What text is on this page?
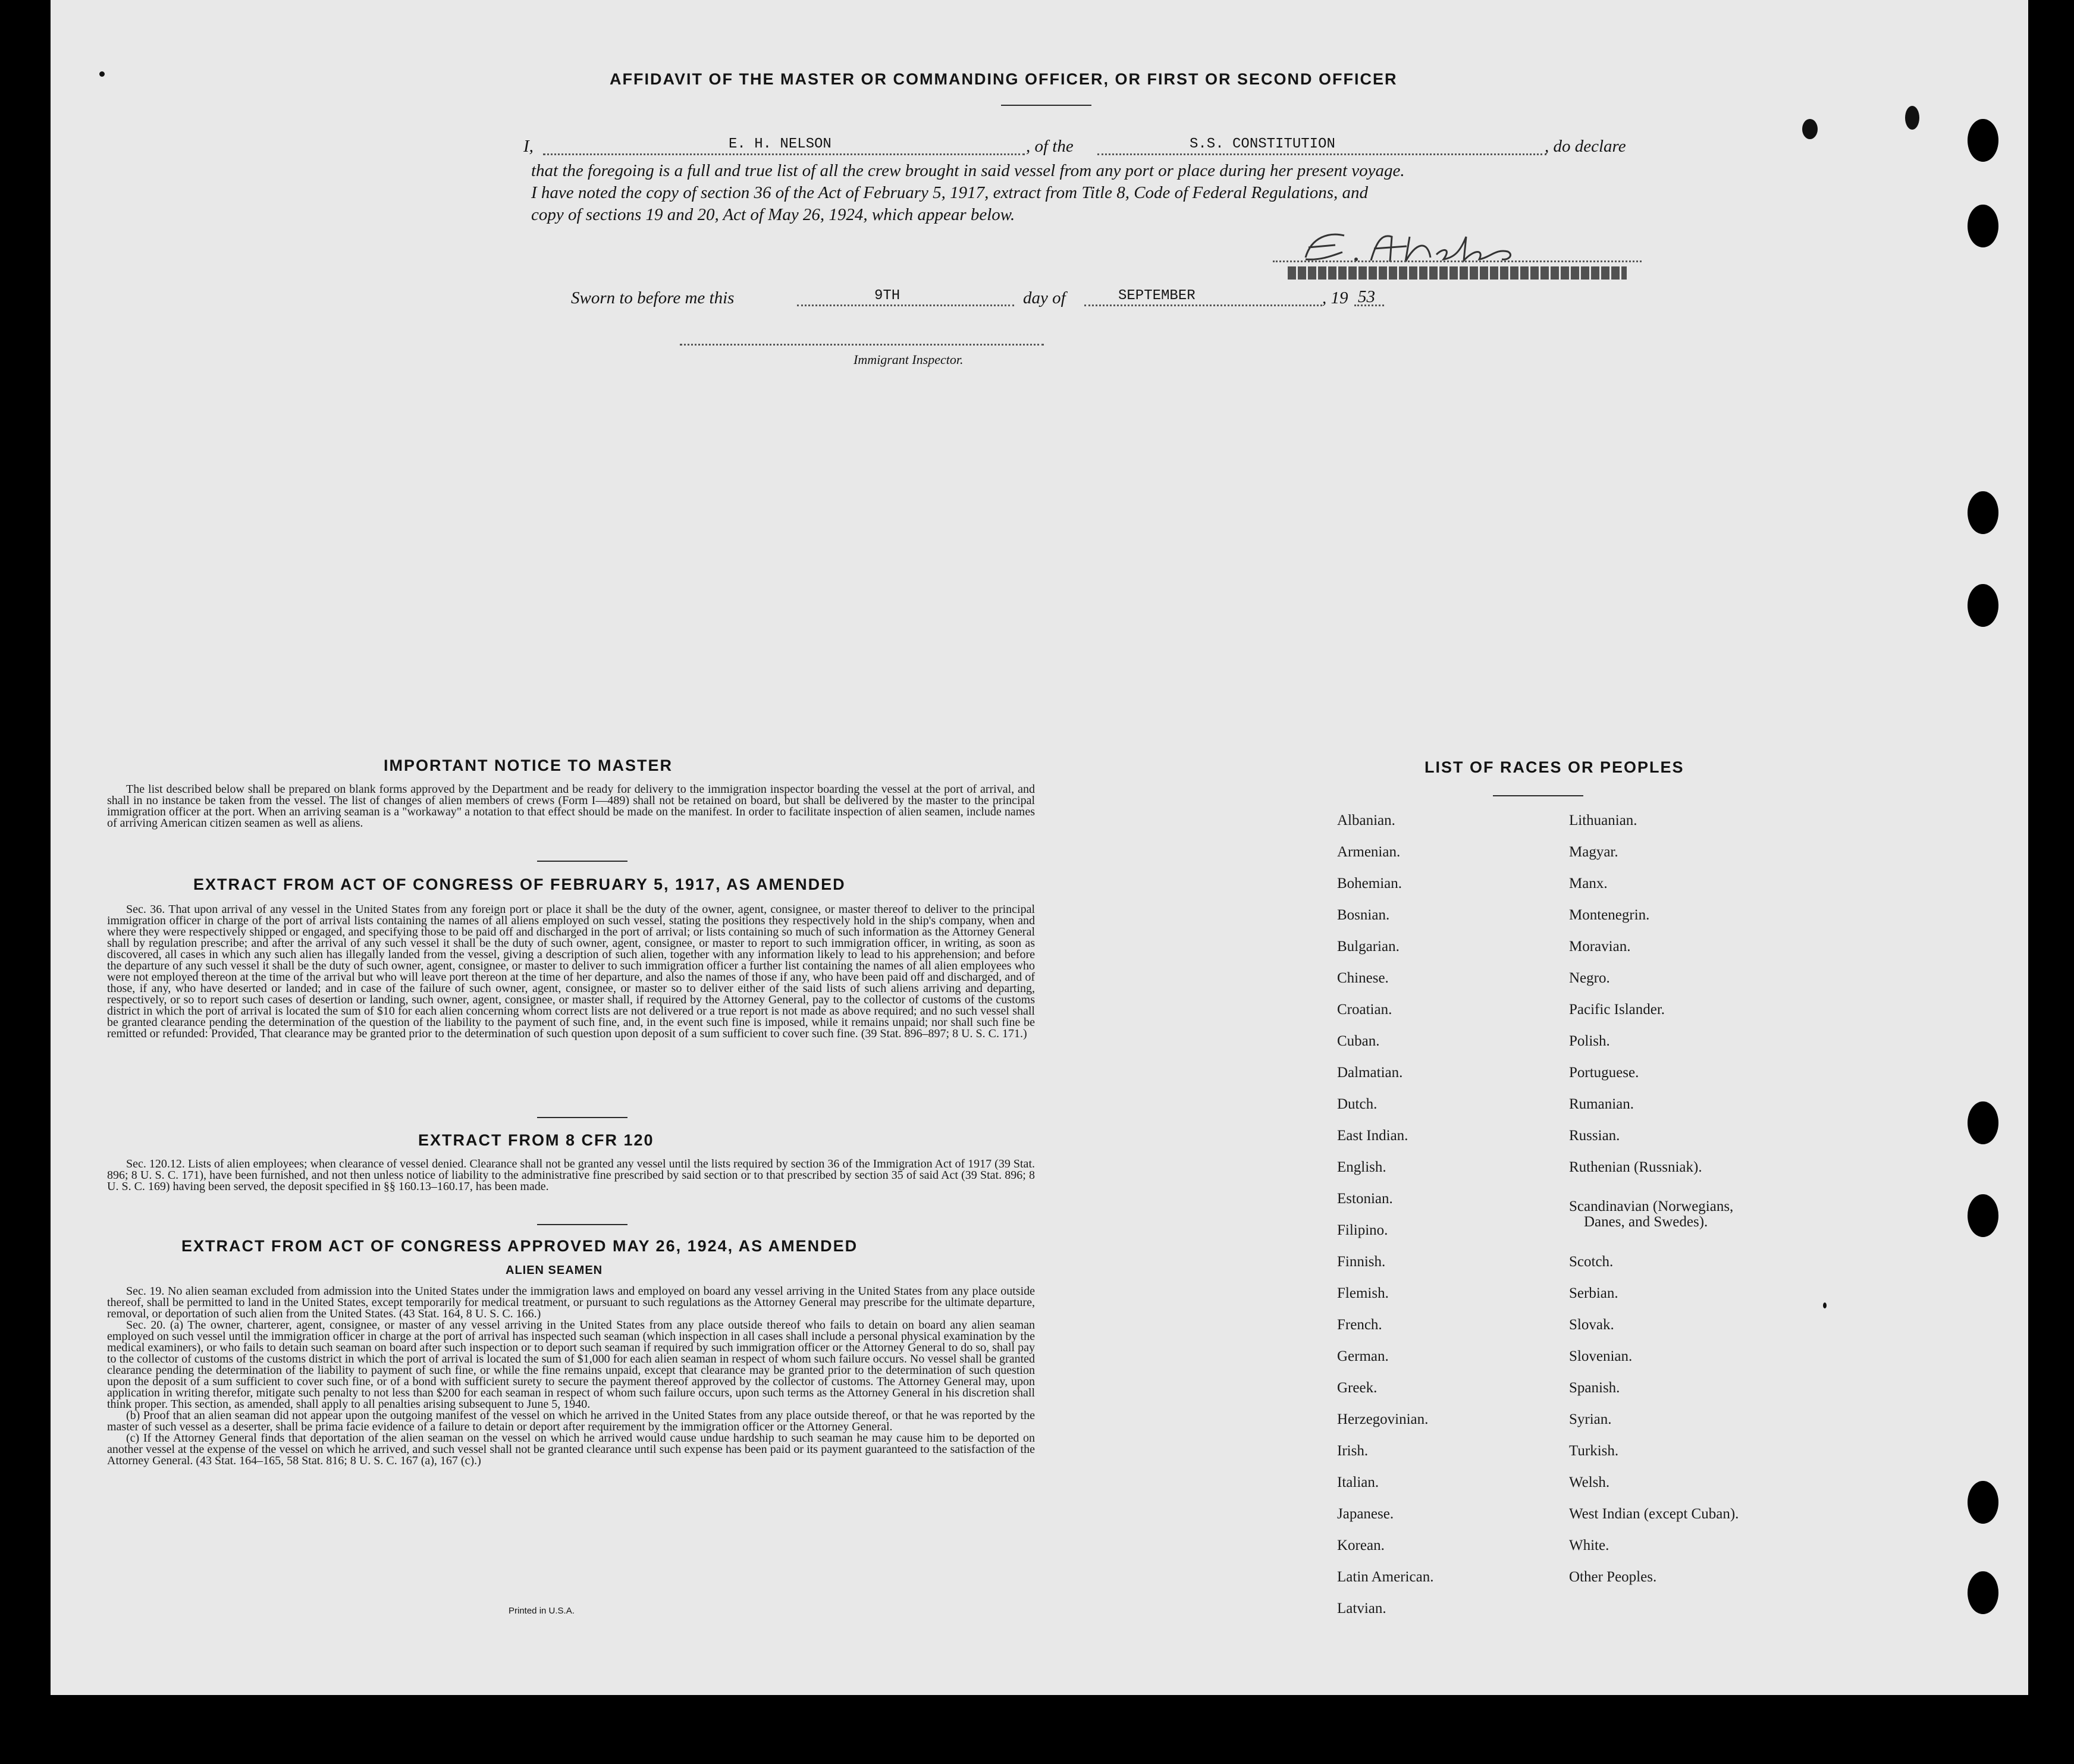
AFFIDAVIT OF THE MASTER OR COMMANDING OFFICER, OR FIRST OR SECOND OFFICER
I,	E. H. NELSON	, of the	S.S. CONSTITUTION	, do declare
that the foregoing is a full and true list of all the crew brought in said vessel from any port or place during her present voyage.
I have noted the copy of section 36 of the Act of February 5, 1917, extract from Title 8, Code of Federal Regulations, and
copy of sections 19 and 20, Act of May 26, 1924, which appear below.
Sworn to before me this	9TH	day of	SEPTEMBER	, 19 53
Immigrant Inspector.
IMPORTANT NOTICE TO MASTER

The list described below shall be prepared on blank forms approved by the Department and be ready for delivery to the immigration inspector boarding the vessel at the port of arrival, and shall in no instance be taken from the vessel. The list of changes of alien members of crews (Form I—489) shall not be retained on board, but shall be delivered by the master to the principal immigration officer at the port. When an arriving seaman is a "workaway" a notation to that effect should be made on the manifest. In order to facilitate inspection of alien seamen, include names of arriving American citizen seamen as well as aliens.

EXTRACT FROM ACT OF CONGRESS OF FEBRUARY 5, 1917, AS AMENDED

Sec. 36. That upon arrival of any vessel in the United States from any foreign port or place it shall be the duty of the owner, agent, consignee, or master thereof to deliver to the principal immigration officer in charge of the port of arrival lists containing the names of all aliens employed on such vessel, stating the positions they respectively hold in the ship's company, when and where they were respectively shipped or engaged, and specifying those to be paid off and discharged in the port of arrival; or lists containing so much of such information as the Attorney General shall by regulation prescribe; and after the arrival of any such vessel it shall be the duty of such owner, agent, consignee, or master to report to such immigration officer, in writing, as soon as discovered, all cases in which any such alien has illegally landed from the vessel, giving a description of such alien, together with any information likely to lead to his apprehension; and before the departure of any such vessel it shall be the duty of such owner, agent, consignee, or master to deliver to such immigration officer a further list containing the names of all alien employees who were not employed thereon at the time of the arrival but who will leave port thereon at the time of her departure, and also the names of those if any, who have been paid off and discharged, and of those, if any, who have deserted or landed; and in case of the failure of such owner, agent, consignee, or master so to deliver either of the said lists of such aliens arriving and departing, respectively, or so to report such cases of desertion or landing, such owner, agent, consignee, or master shall, if required by the Attorney General, pay to the collector of customs of the customs district in which the port of arrival is located the sum of $10 for each alien concerning whom correct lists are not delivered or a true report is not made as above required; and no such vessel shall be granted clearance pending the determination of the question of the liability to the payment of such fine, and, in the event such fine is imposed, while it remains unpaid; nor shall such fine be remitted or refunded: Provided, That clearance may be granted prior to the determination of such question upon deposit of a sum sufficient to cover such fine. (39 Stat. 896–897; 8 U. S. C. 171.)

EXTRACT FROM 8 CFR 120

Sec. 120.12. Lists of alien employees; when clearance of vessel denied. Clearance shall not be granted any vessel until the lists required by section 36 of the Immigration Act of 1917 (39 Stat. 896; 8 U. S. C. 171), have been furnished, and not then unless notice of liability to the administrative fine prescribed by said section or to that prescribed by section 35 of said Act (39 Stat. 896; 8 U. S. C. 169) having been served, the deposit specified in §§ 160.13–160.17, has been made.

EXTRACT FROM ACT OF CONGRESS APPROVED MAY 26, 1924, AS AMENDED
ALIEN SEAMEN

Sec. 19. No alien seaman excluded from admission into the United States under the immigration laws and employed on board any vessel arriving in the United States from any place outside thereof, shall be permitted to land in the United States, except temporarily for medical treatment, or pursuant to such regulations as the Attorney General may prescribe for the ultimate departure, removal, or deportation of such alien from the United States. (43 Stat. 164, 8 U. S. C. 166.)

Sec. 20. (a) The owner, charterer, agent, consignee, or master of any vessel arriving in the United States from any place outside thereof who fails to detain on board any alien seaman employed on such vessel until the immigration officer in charge at the port of arrival has inspected such seaman (which inspection in all cases shall include a personal physical examination by the medical examiners), or who fails to detain such seaman on board after such inspection or to deport such seaman if required by such immigration officer or the Attorney General to do so, shall pay to the collector of customs of the customs district in which the port of arrival is located the sum of $1,000 for each alien seaman in respect of whom such failure occurs. No vessel shall be granted clearance pending the determination of the liability to payment of such fine, or while the fine remains unpaid, except that clearance may be granted prior to the determination of such question upon the deposit of a sum sufficient to cover such fine, or of a bond with sufficient surety to secure the payment thereof approved by the collector of customs. The Attorney General may, upon application in writing therefor, mitigate such penalty to not less than $200 for each seaman in respect of whom such failure occurs, upon such terms as the Attorney General in his discretion shall think proper. This section, as amended, shall apply to all penalties arising subsequent to June 5, 1940.

(b) Proof that an alien seaman did not appear upon the outgoing manifest of the vessel on which he arrived in the United States from any place outside thereof, or that he was reported by the master of such vessel as a deserter, shall be prima facie evidence of a failure to detain or deport after requirement by the immigration officer or the Attorney General.

(c) If the Attorney General finds that deportation of the alien seaman on the vessel on which he arrived would cause undue hardship to such seaman he may cause him to be deported on another vessel at the expense of the vessel on which he arrived, and such vessel shall not be granted clearance until such expense has been paid or its payment guaranteed to the satisfaction of the Attorney General. (43 Stat. 164–165, 58 Stat. 816; 8 U. S. C. 167 (a), 167 (c).)

Printed in U.S.A.
LIST OF RACES OR PEOPLES
Albanian.
Armenian.
Bohemian.
Bosnian.
Bulgarian.
Chinese.
Croatian.
Cuban.
Dalmatian.
Dutch.
East Indian.
English.
Estonian.
Filipino.
Finnish.
Flemish.
French.
German.
Greek.
Herzegovinian.
Irish.
Italian.
Japanese.
Korean.
Latin American.
Latvian.
Lithuanian.
Magyar.
Manx.
Montenegrin.
Moravian.
Negro.
Pacific Islander.
Polish.
Portuguese.
Rumanian.
Russian.
Ruthenian (Russniak).
Scandinavian (Norwegians,
Danes, and Swedes).
Scotch.
Serbian.
Slovak.
Slovenian.
Spanish.
Syrian.
Turkish.
Welsh.
West Indian (except Cuban).
White.
Other Peoples.
